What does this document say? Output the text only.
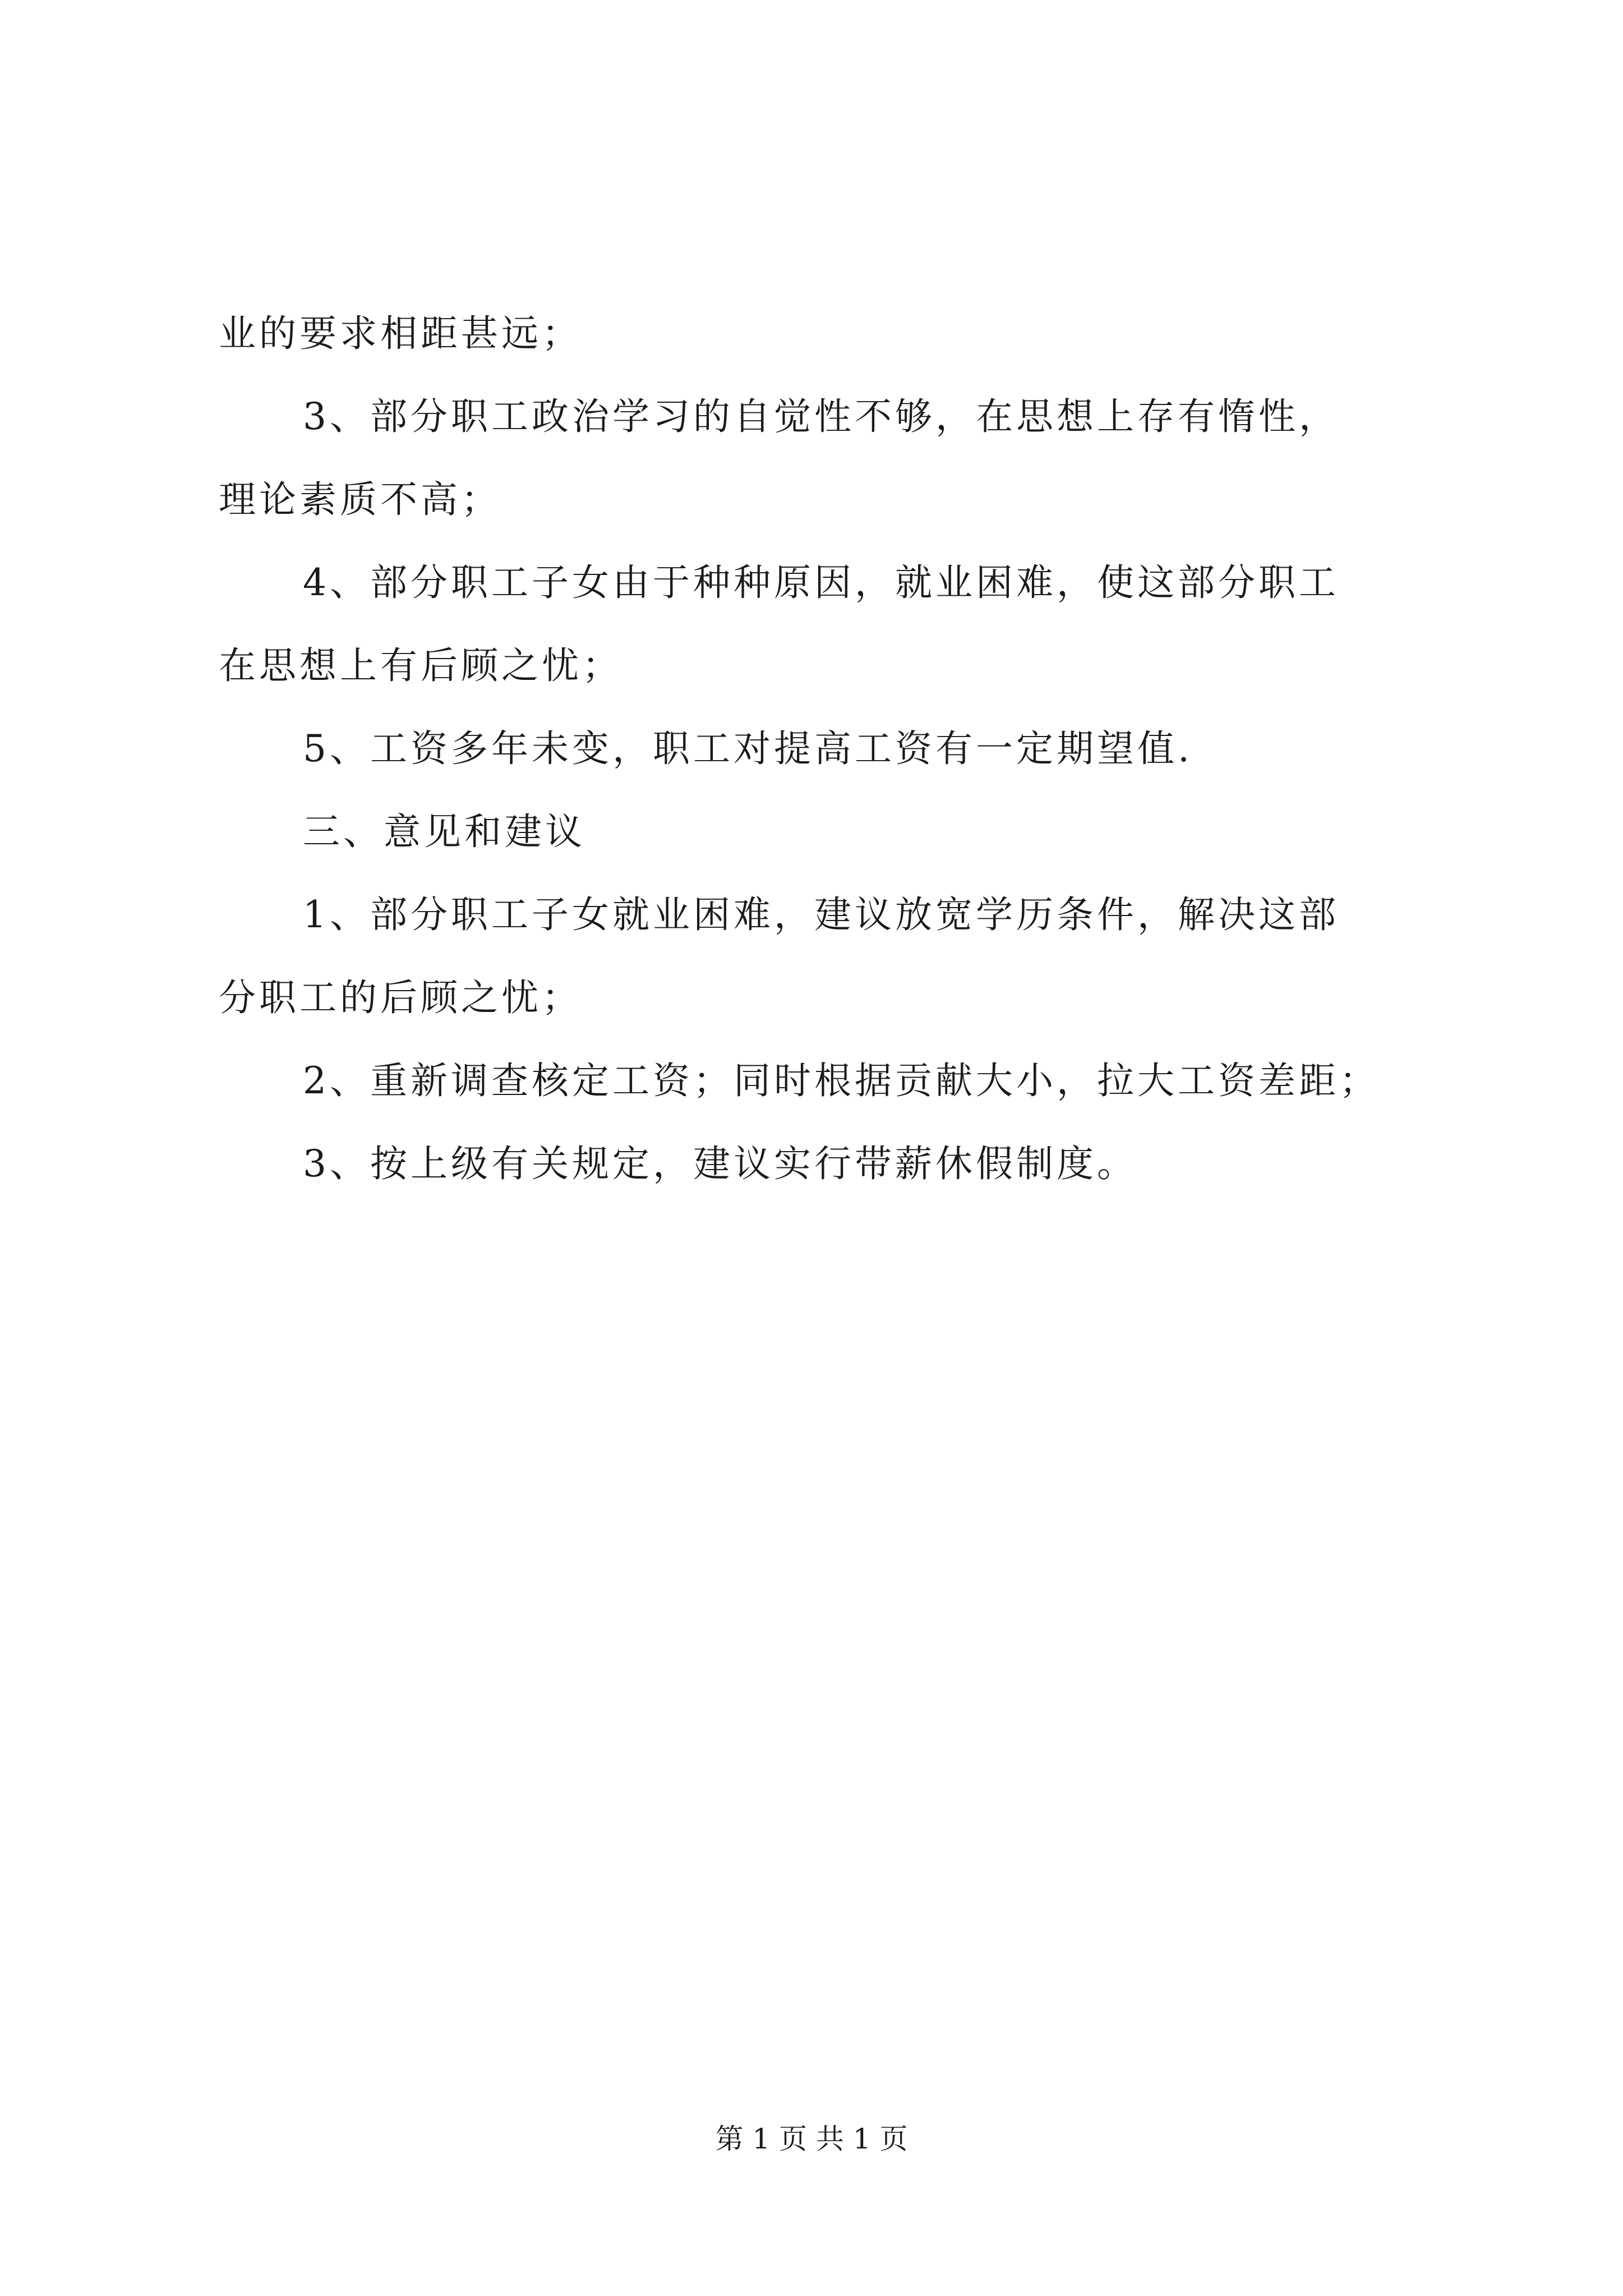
业的要求相距甚远；
3、部分职工政治学习的自觉性不够，在思想上存有惰性，
理论素质不高；
4、部分职工子女由于种种原因，就业困难，使这部分职工
在思想上有后顾之忧；
5、工资多年未变，职工对提高工资有一定期望值.
三、意见和建议
1、部分职工子女就业困难，建议放宽学历条件，解决这部
分职工的后顾之忧；
2、重新调查核定工资；同时根据贡献大小，拉大工资差距；
3、按上级有关规定，建议实行带薪休假制度。
第 1 页 共 1 页
